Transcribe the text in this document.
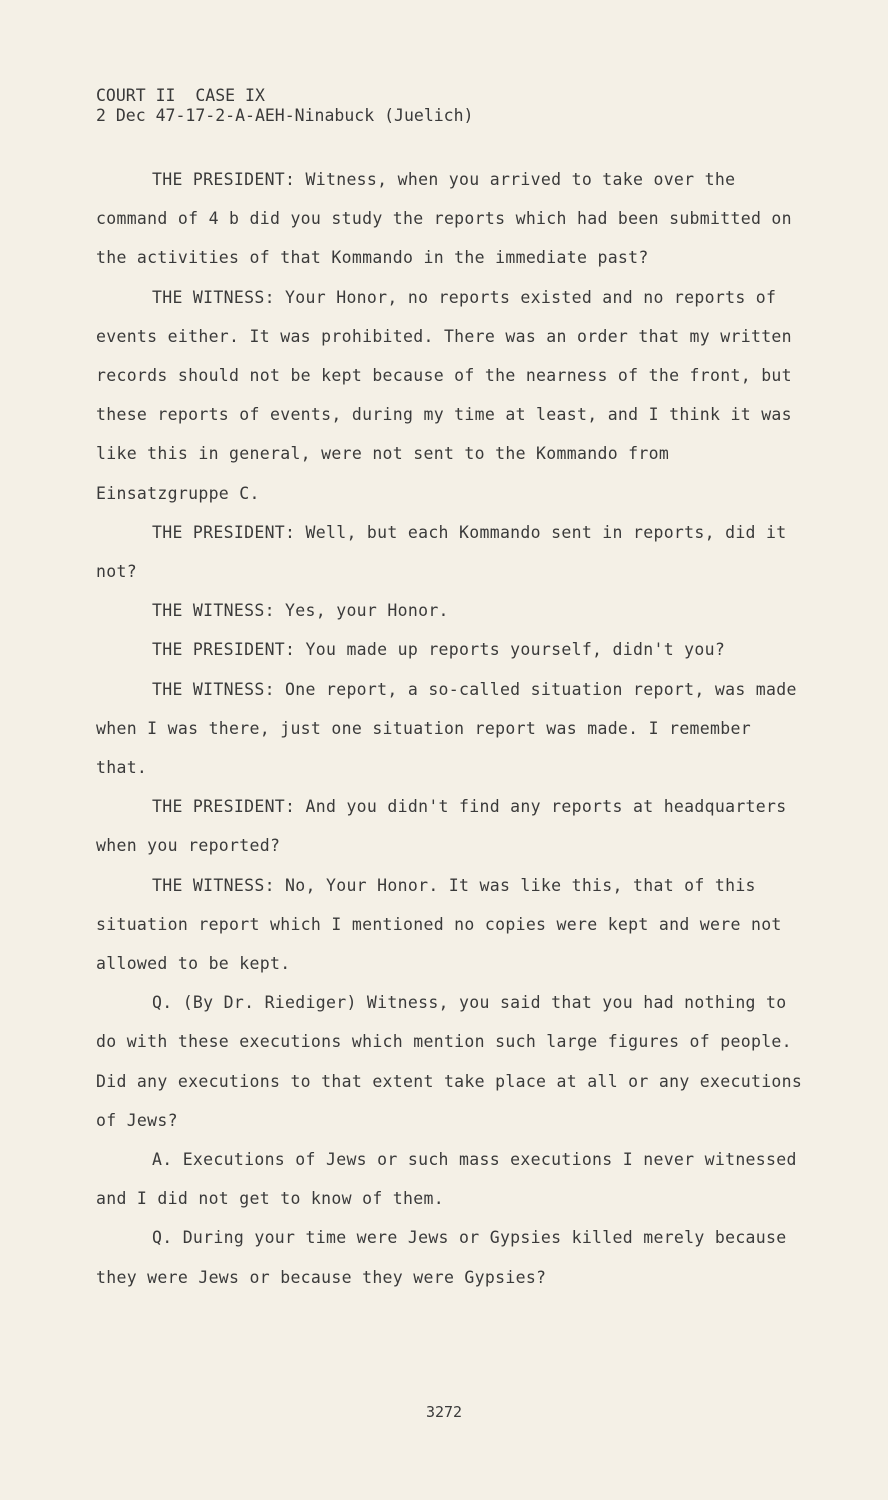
COURT II  CASE IX
2 Dec 47-17-2-A-AEH-Ninabuck (Juelich)

THE PRESIDENT: Witness, when you arrived to take over the command of 4 b did you study the reports which had been submitted on the activities of that Kommando in the immediate past?

THE WITNESS: Your Honor, no reports existed and no reports of events either. It was prohibited. There was an order that my written records should not be kept because of the nearness of the front, but these reports of events, during my time at least, and I think it was like this in general, were not sent to the Kommando from Einsatzgruppe C.

THE PRESIDENT: Well, but each Kommando sent in reports, did it not?

THE WITNESS: Yes, your Honor.

THE PRESIDENT: You made up reports yourself, didn't you?

THE WITNESS: One report, a so-called situation report, was made when I was there, just one situation report was made. I remember that.

THE PRESIDENT: And you didn't find any reports at headquarters when you reported?

THE WITNESS: No, Your Honor. It was like this, that of this situation report which I mentioned no copies were kept and were not allowed to be kept.

Q. (By Dr. Riediger) Witness, you said that you had nothing to do with these executions which mention such large figures of people. Did any executions to that extent take place at all or any executions of Jews?

A. Executions of Jews or such mass executions I never witnessed and I did not get to know of them.

Q. During your time were Jews or Gypsies killed merely because they were Jews or because they were Gypsies?

3272
